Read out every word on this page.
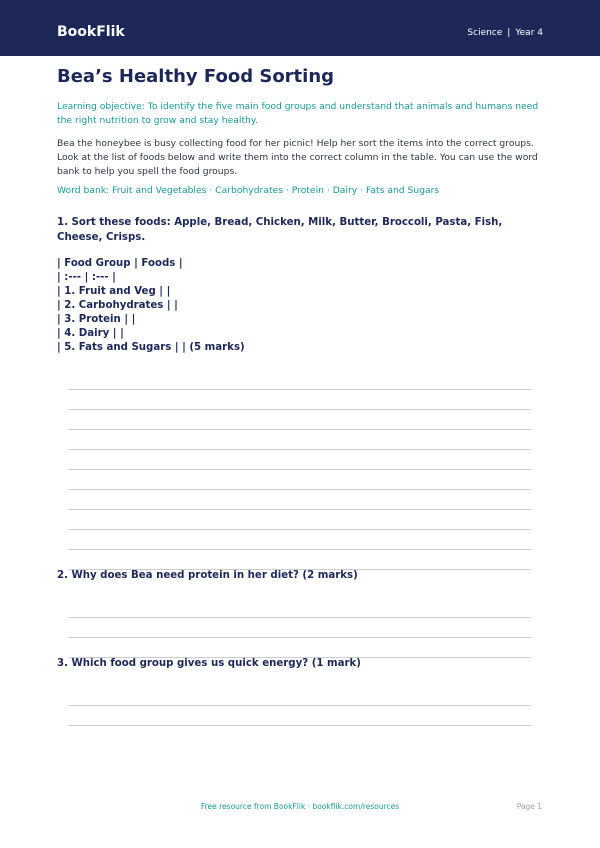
BookFlik	Science | Year 4
Bea’s Healthy Food Sorting

Learning objective: To identify the five main food groups and understand that animals and humans need the right nutrition to grow and stay healthy.

Bea the honeybee is busy collecting food for her picnic! Help her sort the items into the correct groups. Look at the list of foods below and write them into the correct column in the table. You can use the word bank to help you spell the food groups.

Word bank: Fruit and Vegetables · Carbohydrates · Protein · Dairy · Fats and Sugars

1. Sort these foods: Apple, Bread, Chicken, Milk, Butter, Broccoli, Pasta, Fish, Cheese, Crisps.
| Food Group | Foods |
| :--- | :--- |
| 1. Fruit and Veg | |
| 2. Carbohydrates | |
| 3. Protein | |
| 4. Dairy | |
| 5. Fats and Sugars | | (5 marks)
2. Why does Bea need protein in her diet? (2 marks)
3. Which food group gives us quick energy? (1 mark)
Free resource from BookFlik · bookflik.com/resources	Page 1
